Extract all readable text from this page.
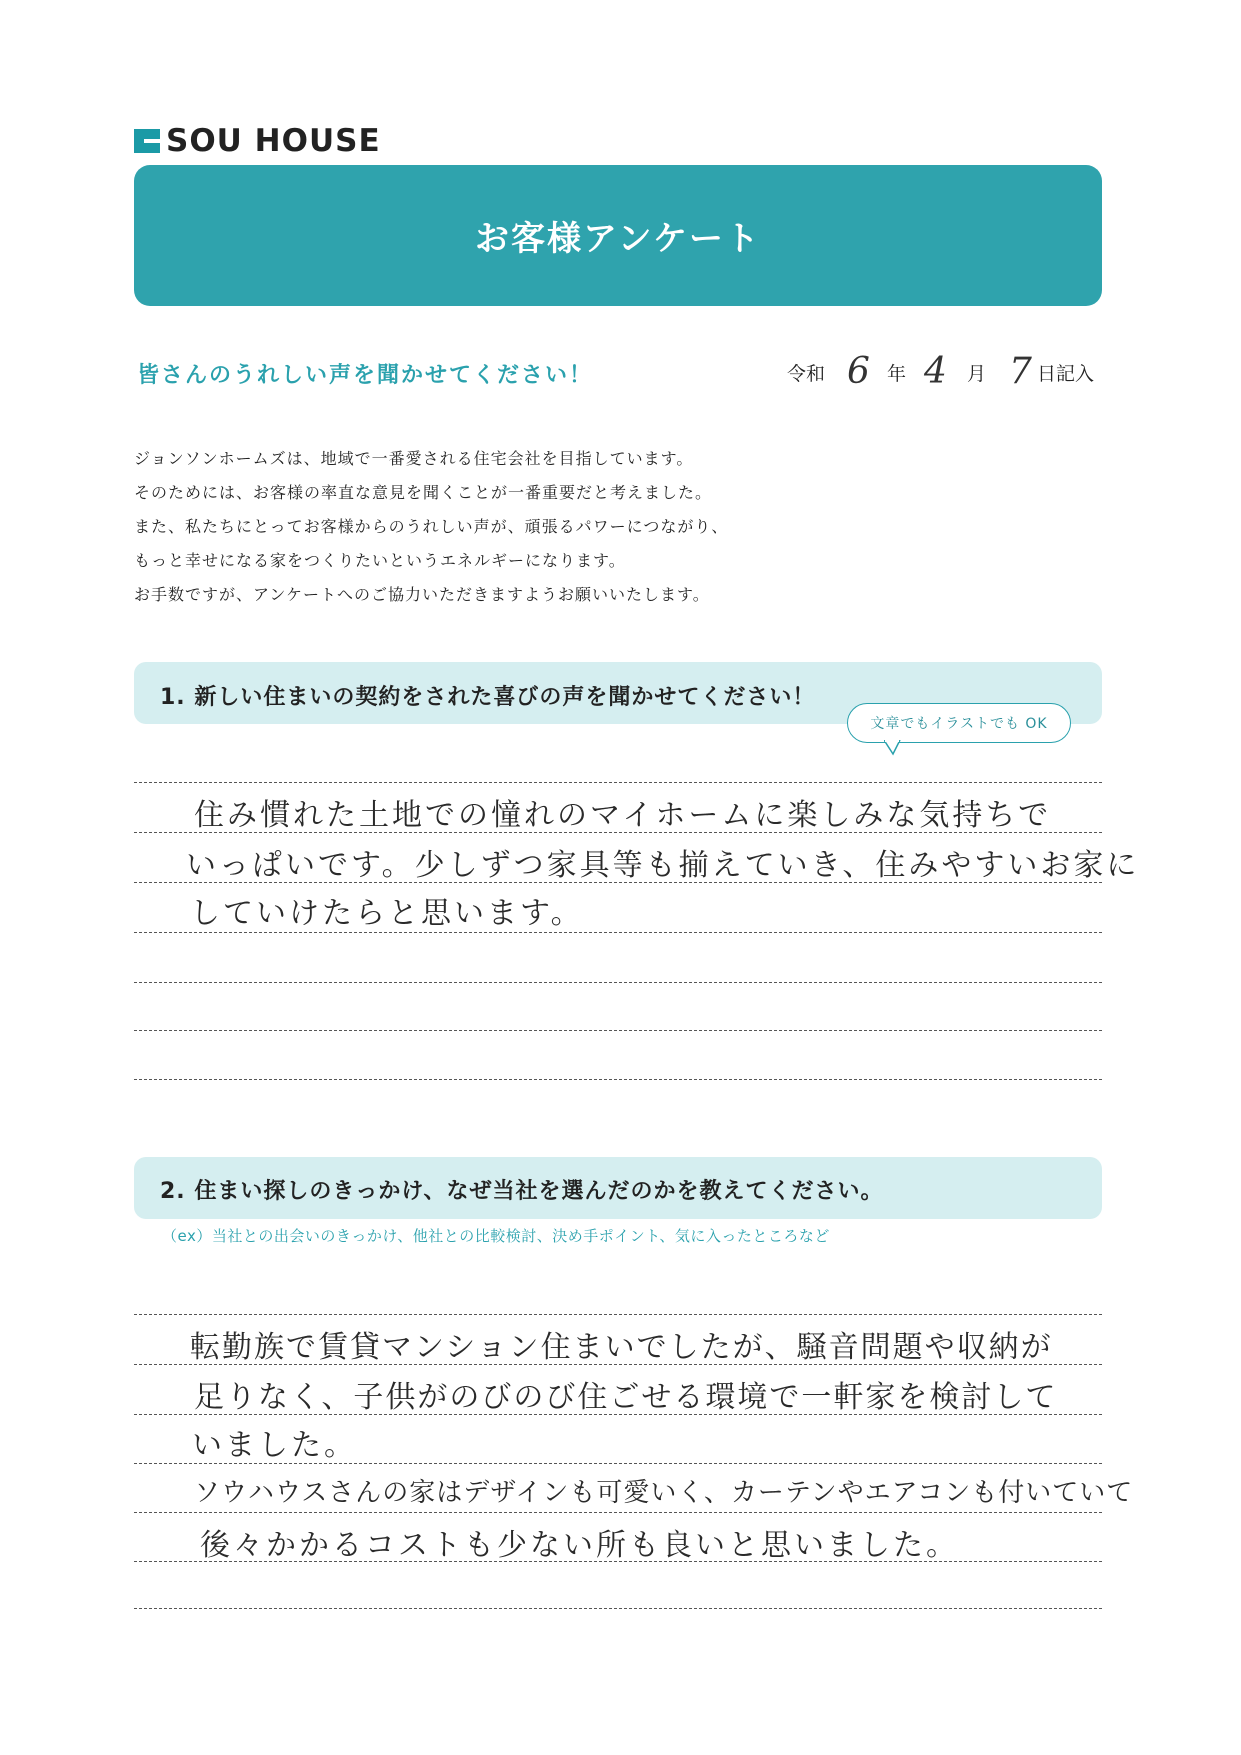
SOU HOUSE
お客様アンケート
皆さんのうれしい声を聞かせてください！	令和 6 年 4 月 7 日記入
ジョンソンホームズは、地域で一番愛される住宅会社を目指しています。
そのためには、お客様の率直な意見を聞くことが一番重要だと考えました。
また、私たちにとってお客様からのうれしい声が、頑張るパワーにつながり、
もっと幸せになる家をつくりたいというエネルギーになります。
お手数ですが、アンケートへのご協力いただきますようお願いいたします。
1. 新しい住まいの契約をされた喜びの声を聞かせてください！
文章でもイラストでも OK
住み慣れた土地での憧れのマイホームに楽しみな気持ちで
いっぱいです。少しずつ家具等も揃えていき、住みやすいお家に
していけたらと思います。
2. 住まい探しのきっかけ、なぜ当社を選んだのかを教えてください。
（ex）当社との出会いのきっかけ、他社との比較検討、決め手ポイント、気に入ったところなど
転勤族で賃貸マンション住まいでしたが、騒音問題や収納が
足りなく、子供がのびのび住ごせる環境で一軒家を検討して
いました。
ソウハウスさんの家はデザインも可愛いく、カーテンやエアコンも付いていて
後々かかるコストも少ない所も良いと思いました。
